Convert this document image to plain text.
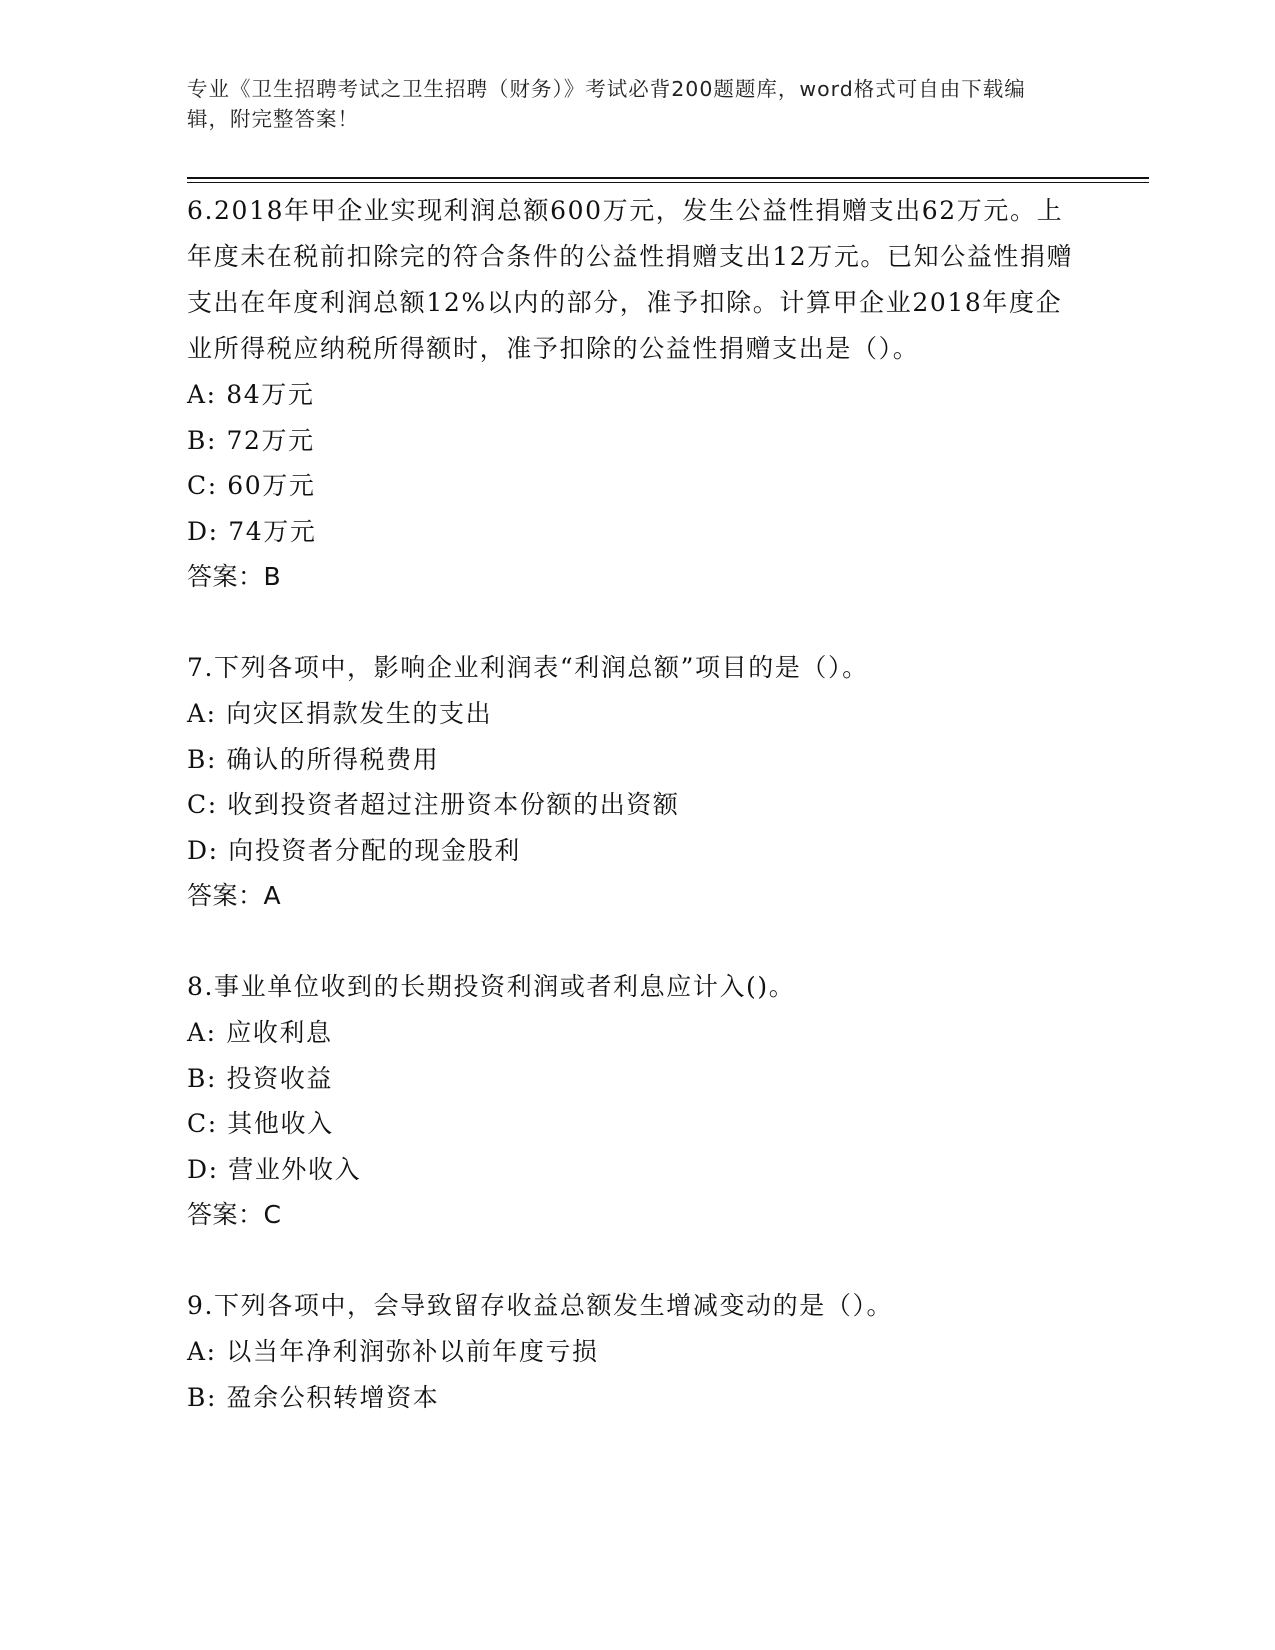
专业《卫生招聘考试之卫生招聘（财务）》考试必背200题题库，word格式可自由下载编辑，附完整答案！

6.2018年甲企业实现利润总额600万元，发生公益性捐赠支出62万元。上年度未在税前扣除完的符合条件的公益性捐赠支出12万元。已知公益性捐赠支出在年度利润总额12%以内的部分，准予扣除。计算甲企业2018年度企业所得税应纳税所得额时，准予扣除的公益性捐赠支出是（）。

A: 84万元

B: 72万元

C: 60万元

D: 74万元

答案：B

7.下列各项中，影响企业利润表“利润总额”项目的是（）。

A: 向灾区捐款发生的支出

B: 确认的所得税费用

C: 收到投资者超过注册资本份额的出资额

D: 向投资者分配的现金股利

答案：A

8.事业单位收到的长期投资利润或者利息应计入()。

A: 应收利息

B: 投资收益

C: 其他收入

D: 营业外收入

答案：C

9.下列各项中，会导致留存收益总额发生增减变动的是（）。

A: 以当年净利润弥补以前年度亏损

B: 盈余公积转增资本
